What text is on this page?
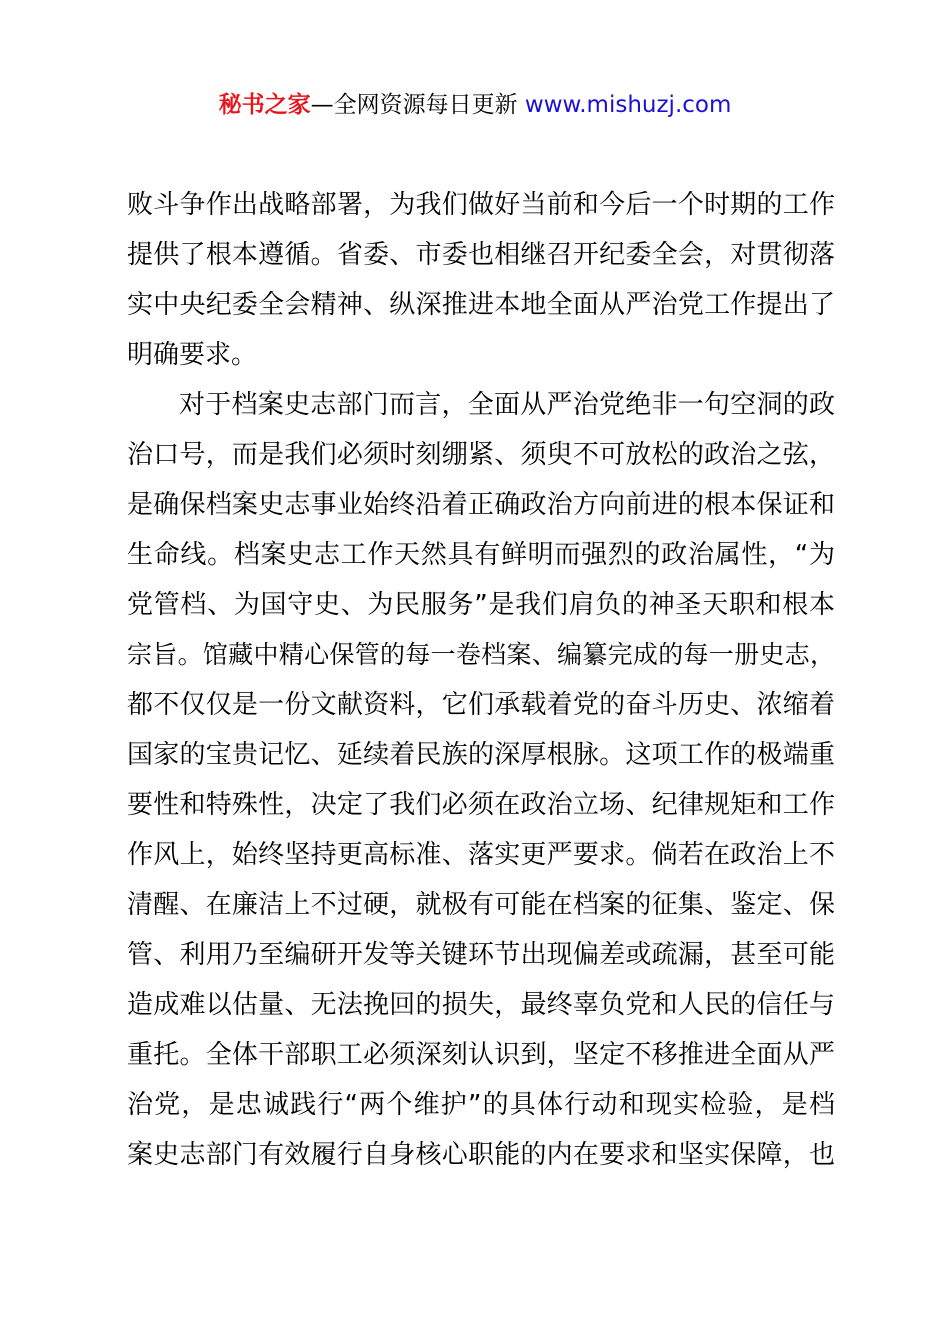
秘书之家—全网资源每日更新 www.mishuzj.com
败斗争作出战略部署，为我们做好当前和今后一个时期的工作
提供了根本遵循。省委、市委也相继召开纪委全会，对贯彻落
实中央纪委全会精神、纵深推进本地全面从严治党工作提出了
明确要求。
对于档案史志部门而言，全面从严治党绝非一句空洞的政
治口号，而是我们必须时刻绷紧、须臾不可放松的政治之弦，
是确保档案史志事业始终沿着正确政治方向前进的根本保证和
生命线。档案史志工作天然具有鲜明而强烈的政治属性，“为
党管档、为国守史、为民服务”是我们肩负的神圣天职和根本
宗旨。馆藏中精心保管的每一卷档案、编纂完成的每一册史志，
都不仅仅是一份文献资料，它们承载着党的奋斗历史、浓缩着
国家的宝贵记忆、延续着民族的深厚根脉。这项工作的极端重
要性和特殊性，决定了我们必须在政治立场、纪律规矩和工作
作风上，始终坚持更高标准、落实更严要求。倘若在政治上不
清醒、在廉洁上不过硬，就极有可能在档案的征集、鉴定、保
管、利用乃至编研开发等关键环节出现偏差或疏漏，甚至可能
造成难以估量、无法挽回的损失，最终辜负党和人民的信任与
重托。全体干部职工必须深刻认识到，坚定不移推进全面从严
治党，是忠诚践行“两个维护”的具体行动和现实检验，是档
案史志部门有效履行自身核心职能的内在要求和坚实保障，也
